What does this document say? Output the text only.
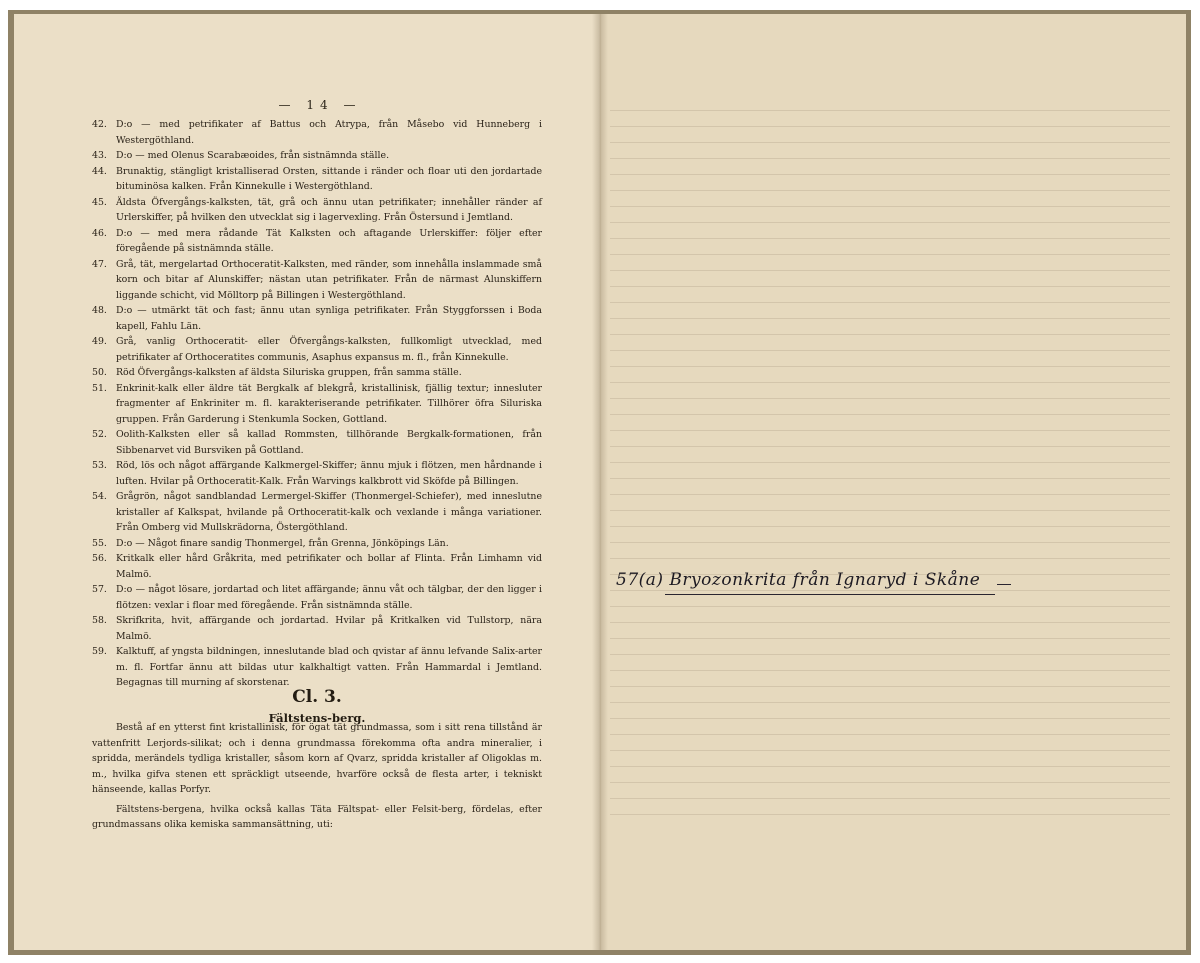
— 14 —
42. D:o — med petrifikater af Battus och Atrypa, från Måsebo vid Hunneberg i Westergöthland.
43. D:o — med Olenus Scarabæoides, från sistnämnda ställe.
44. Brunaktig, stängligt kristalliserad Orsten, sittande i ränder och floar uti den jordartade bituminösa kalken. Från Kinnekulle i Westergöthland.
45. Äldsta Öfvergångs-kalksten, tät, grå och ännu utan petrifikater; innehåller ränder af Urlerskiffer, på hvilken den utvecklat sig i lagervexling. Från Östersund i Jemtland.
46. D:o — med mera rådande Tät Kalksten och aftagande Urlerskiffer: följer efter föregående på sistnämnda ställe.
47. Grå, tät, mergelartad Orthoceratit-Kalksten, med ränder, som innehålla inslammade små korn och bitar af Alunskiffer; nästan utan petrifikater. Från de närmast Alunskiffern liggande schicht, vid Mölltorp på Billingen i Westergöthland.
48. D:o — utmärkt tät och fast; ännu utan synliga petrifikater. Från Styggforssen i Boda kapell, Fahlu Län.
49. Grå, vanlig Orthoceratit- eller Öfvergångs-kalksten, fullkomligt utvecklad, med petrifikater af Orthoceratites communis, Asaphus expansus m. fl., från Kinnekulle.
50. Röd Öfvergångs-kalksten af äldsta Siluriska gruppen, från samma ställe.
51. Enkrinit-kalk eller äldre tät Bergkalk af blekgrå, kristallinisk, fjällig textur; innesluter fragmenter af Enkriniter m. fl. karakteriserande petrifikater. Tillhörer öfra Siluriska gruppen. Från Garderung i Stenkumla Socken, Gottland.
52. Oolith-Kalksten eller så kallad Rommsten, tillhörande Bergkalk-formationen, från Sibbenarvet vid Bursviken på Gottland.
53. Röd, lös och något affärgande Kalkmergel-Skiffer; ännu mjuk i flötzen, men hårdnande i luften. Hvilar på Orthoceratit-Kalk. Från Warvings kalkbrott vid Sköfde på Billingen.
54. Grågrön, något sandblandad Lermergel-Skiffer (Thonmergel-Schiefer), med inneslutne kristaller af Kalkspat, hvilande på Orthoceratit-kalk och vexlande i många variationer. Från Omberg vid Mullskrädorna, Östergöthland.
55. D:o — Något finare sandig Thonmergel, från Grenna, Jönköpings Län.
56. Kritkalk eller hård Gråkrita, med petrifikater och bollar af Flinta. Från Limhamn vid Malmö.
57. D:o — något lösare, jordartad och litet affärgande; ännu våt och tälgbar, der den ligger i flötzen: vexlar i floar med föregående. Från sistnämnda ställe.
58. Skrifkrita, hvit, affärgande och jordartad. Hvilar på Kritkalken vid Tullstorp, nära Malmö.
59. Kalktuff, af yngsta bildningen, inneslutande blad och qvistar af ännu lefvande Salix-arter m. fl. Fortfar ännu att bildas utur kalkhaltigt vatten. Från Hammardal i Jemtland. Begagnas till murning af skorstenar.
Cl. 3.
Fältstens-berg.
Bestå af en ytterst fint kristallinisk, för ögat tät grundmassa, som i sitt rena tillstånd är vattenfritt Lerjords-silikat; och i denna grundmassa förekomma ofta andra mineralier, i spridda, merändels tydliga kristaller, såsom korn af Qvarz, spridda kristaller af Oligoklas m. m., hvilka gifva stenen ett spräckligt utseende, hvarföre också de flesta arter, i tekniskt hänseende, kallas Porfyr.
Fältstens-bergena, hvilka också kallas Täta Fältspat- eller Felsit-berg, fördelas, efter grundmassans olika kemiska sammansättning, uti:
57(a) Bryozonkrita från Ignaryd i Skåne
